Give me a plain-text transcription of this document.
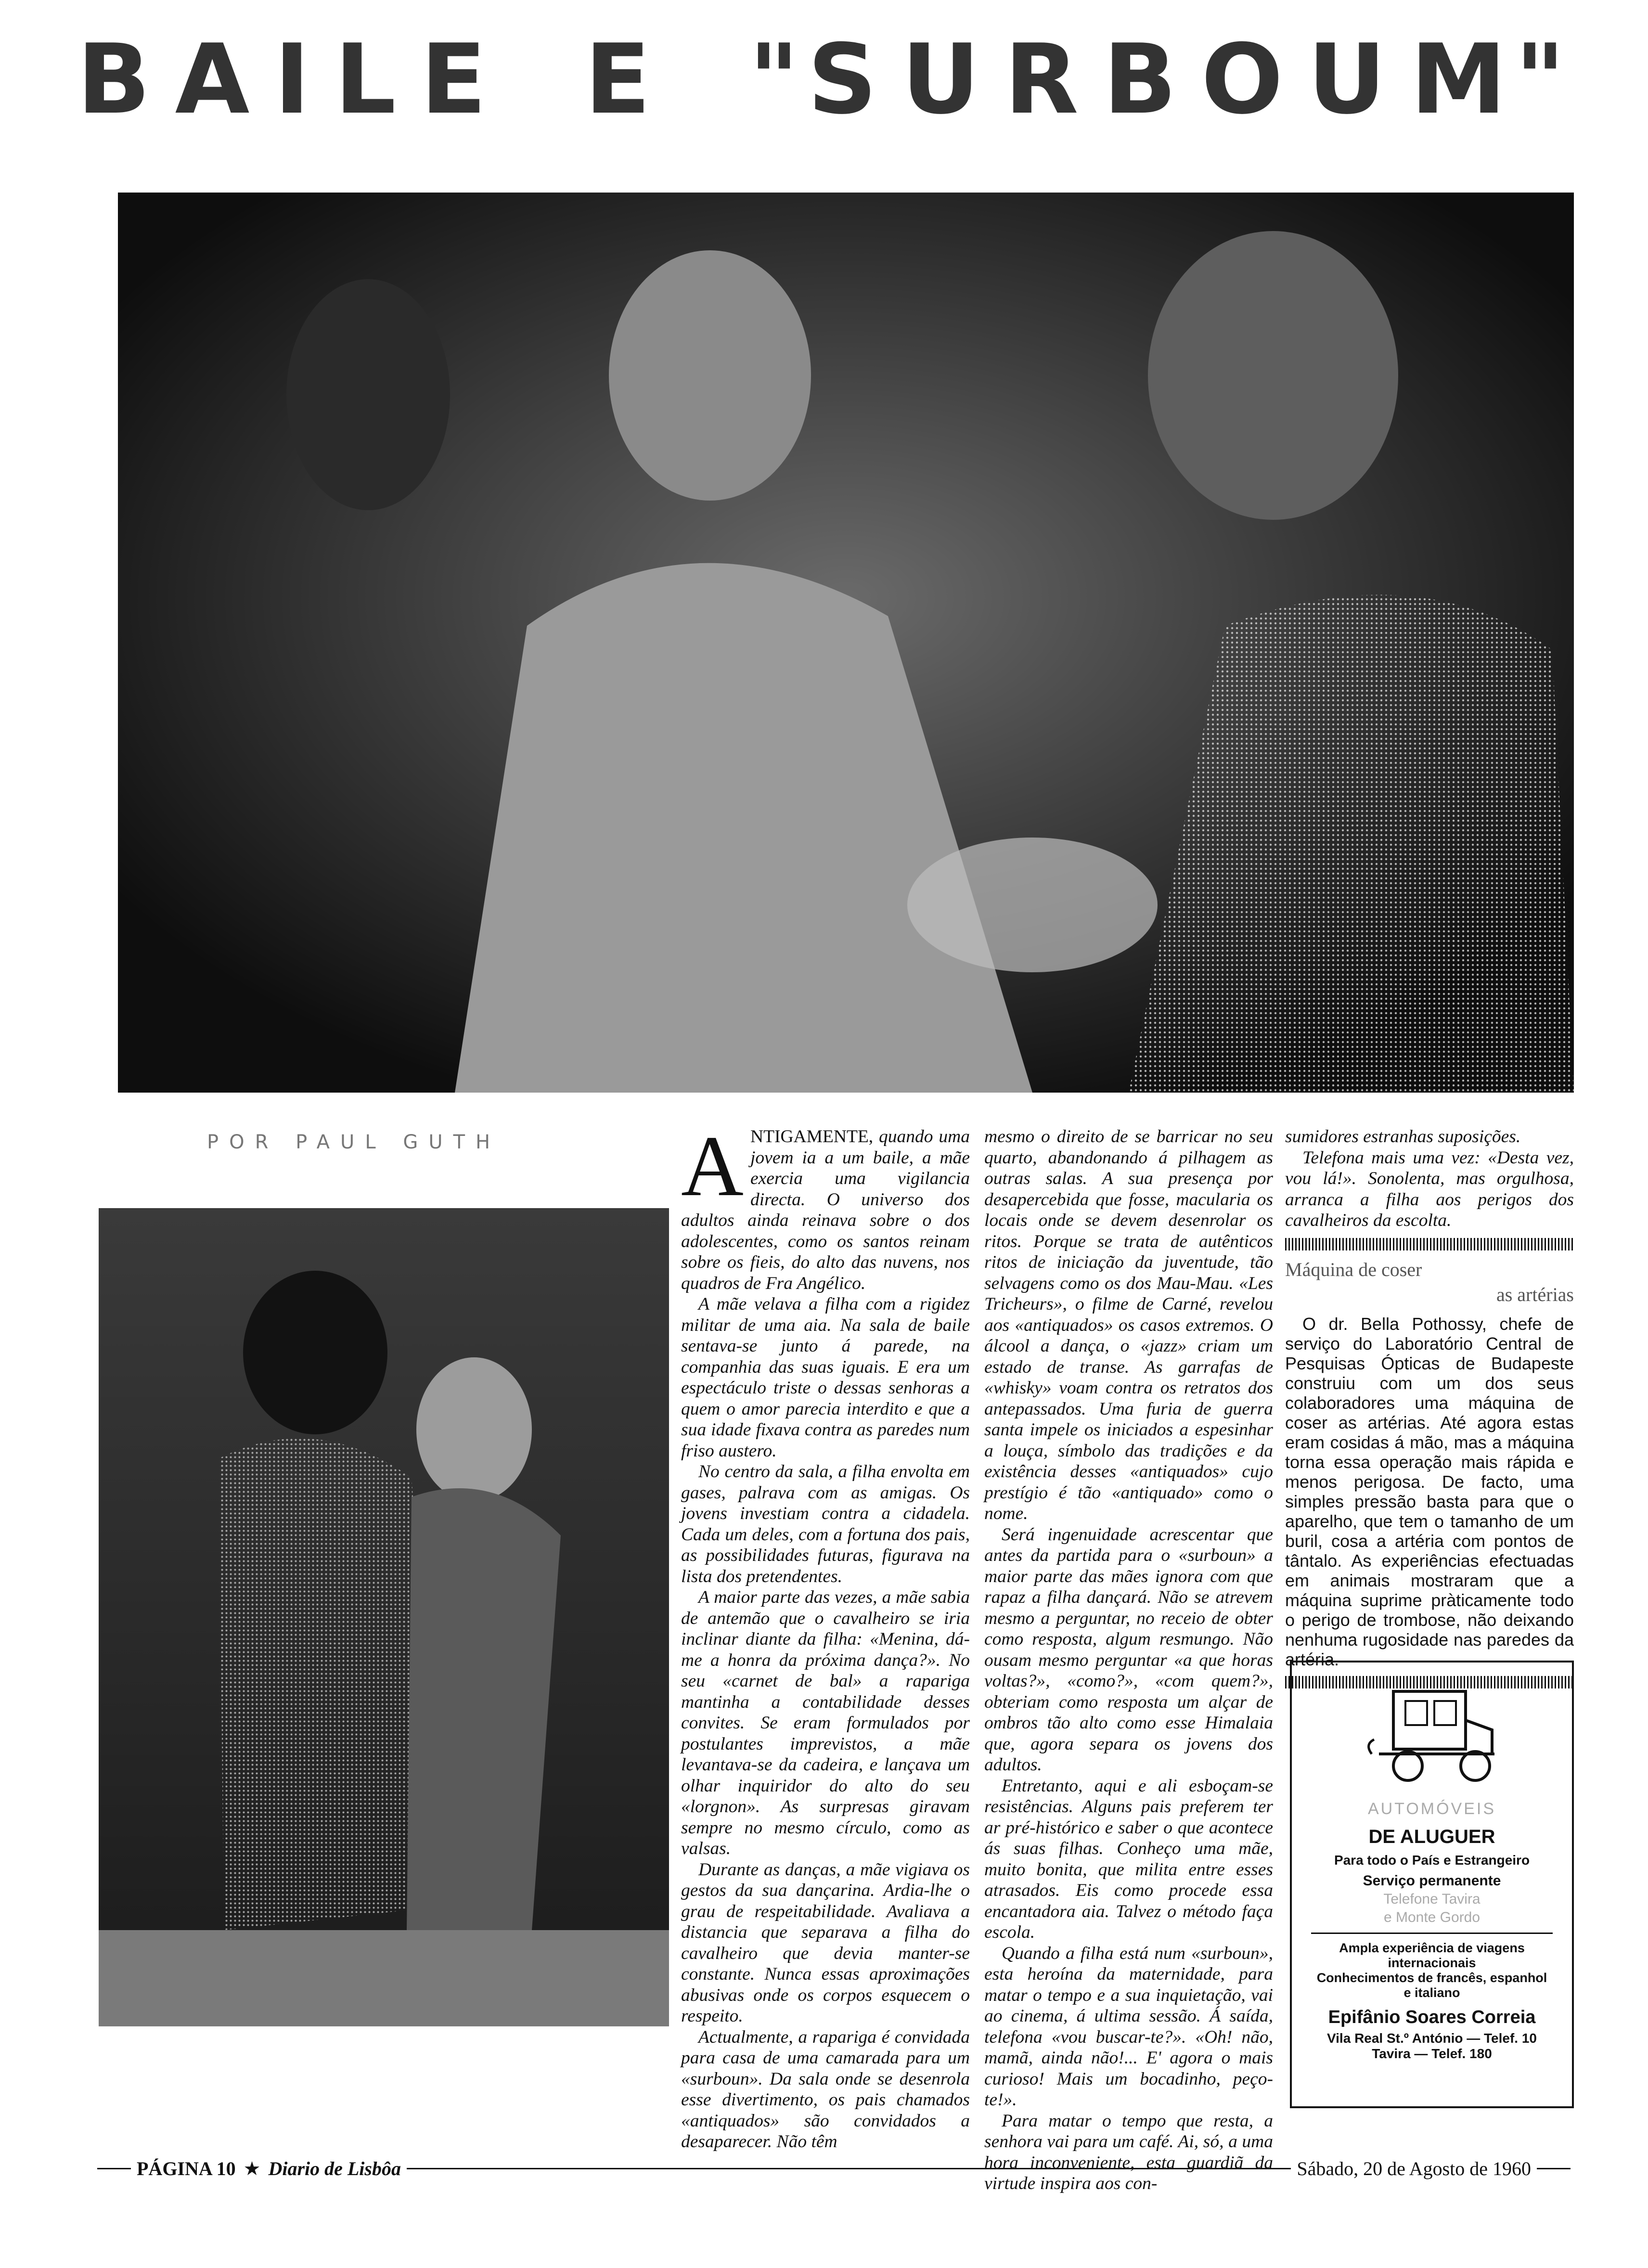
B A I L E E "S U R B O U M"
POR PAUL GUTH ANTIGAMENTE, quando uma jovem ia a um baile, a mãe exercia uma vigilancia directa. O universo dos adultos ainda reinava sobre o dos adolescentes, como os santos reinam sobre os fieis, do alto das nuvens, nos quadros de Fra Angélico.

A mãe velava a filha com a rigidez militar de uma aia. Na sala de baile sentava-se junto á parede, na companhia das suas iguais. E era um espectáculo triste o dessas senhoras a quem o amor parecia interdito e que a sua idade fixava contra as paredes num friso austero.

No centro da sala, a filha envolta em gases, palrava com as amigas. Os jovens investiam contra a cidadela. Cada um deles, com a fortuna dos pais, as possibilidades futuras, figurava na lista dos pretendentes.

A maior parte das vezes, a mãe sabia de antemão que o cavalheiro se iria inclinar diante da filha: «Menina, dá-me a honra da próxima dança?». No seu «carnet de bal» a rapariga mantinha a contabilidade desses convites. Se eram formulados por postulantes imprevistos, a mãe levantava-se da cadeira, e lançava um olhar inquiridor do alto do seu «lorgnon». As surpresas giravam sempre no mesmo círculo, como as valsas.

Durante as danças, a mãe vigiava os gestos da sua dançarina. Ardia-lhe o grau de respeitabilidade. Avaliava a distancia que separava a filha do cavalheiro que devia manter-se constante. Nunca essas aproximações abusivas onde os corpos esquecem o respeito.

Actualmente, a rapariga é convidada para casa de uma camarada para um «surboun». Da sala onde se desenrola esse divertimento, os pais chamados «antiquados» são convidados a desaparecer. Não têm

mesmo o direito de se barricar no seu quarto, abandonando á pilhagem as outras salas. A sua presença por desapercebida que fosse, macularia os locais onde se devem desenrolar os ritos. Porque se trata de autênticos ritos de iniciação da juventude, tão selvagens como os dos Mau-Mau. «Les Tricheurs», o filme de Carné, revelou aos «antiquados» os casos extremos. O álcool a dança, o «jazz» criam um estado de transe. As garrafas de «whisky» voam contra os retratos dos antepassados. Uma furia de guerra santa impele os iniciados a espesinhar a louça, símbolo das tradições e da existência desses «antiquados» cujo prestígio é tão «antiquado» como o nome.

Será ingenuidade acrescentar que antes da partida para o «surboun» a maior parte das mães ignora com que rapaz a filha dançará. Não se atrevem mesmo a perguntar, no receio de obter como resposta, algum resmungo. Não ousam mesmo perguntar «a que horas voltas?», «como?», «com quem?», obteriam como resposta um alçar de ombros tão alto como esse Himalaia que, agora separa os jovens dos adultos.

Entretanto, aqui e ali esboçam-se resistências. Alguns pais preferem ter ar pré-histórico e saber o que acontece ás suas filhas. Conheço uma mãe, muito bonita, que milita entre esses atrasados. Eis como procede essa encantadora aia. Talvez o método faça escola.

Quando a filha está num «surboun», esta heroína da maternidade, para matar o tempo e a sua inquietação, vai ao cinema, á ultima sessão. Á saída, telefona «vou buscar-te?». «Oh! não, mamã, ainda não!... E' agora o mais curioso! Mais um bocadinho, peço-te!».

Para matar o tempo que resta, a senhora vai para um café. Ai, só, a uma hora inconveniente, esta guardiã da virtude inspira aos con-

sumidores estranhas suposições.

Telefona mais uma vez: «Desta vez, vou lá!». Sonolenta, mas orgulhosa, arranca a filha aos perigos dos cavalheiros da escolta.

Máquina de coser
as artérias

O dr. Bella Pothossy, chefe de serviço do Laboratório Central de Pesquisas Ópticas de Budapeste construiu com um dos seus colaboradores uma máquina de coser as artérias. Até agora estas eram cosidas á mão, mas a máquina torna essa operação mais rápida e menos perigosa. De facto, uma simples pressão basta para que o aparelho, que tem o tamanho de um buril, cosa a artéria com pontos de tântalo. As experiências efectuadas em animais mostraram que a máquina suprime pràticamente todo o perigo de trombose, não deixando nenhuma rugosidade nas paredes da artéria.

AUTOMÓVEIS
DE ALUGUER
Para todo o País e Estrangeiro
Serviço permanente
Telefone Tavira
e Monte Gordo
Ampla experiência de viagens
internacionais
Conhecimentos de francês, espanhol
e italiano
Epifânio Soares Correia
Vila Real St.º António — Telef. 10
Tavira — Telef. 180
PÁGINA 10 ★ Diario de Lisbôa	Sábado, 20 de Agosto de 1960
